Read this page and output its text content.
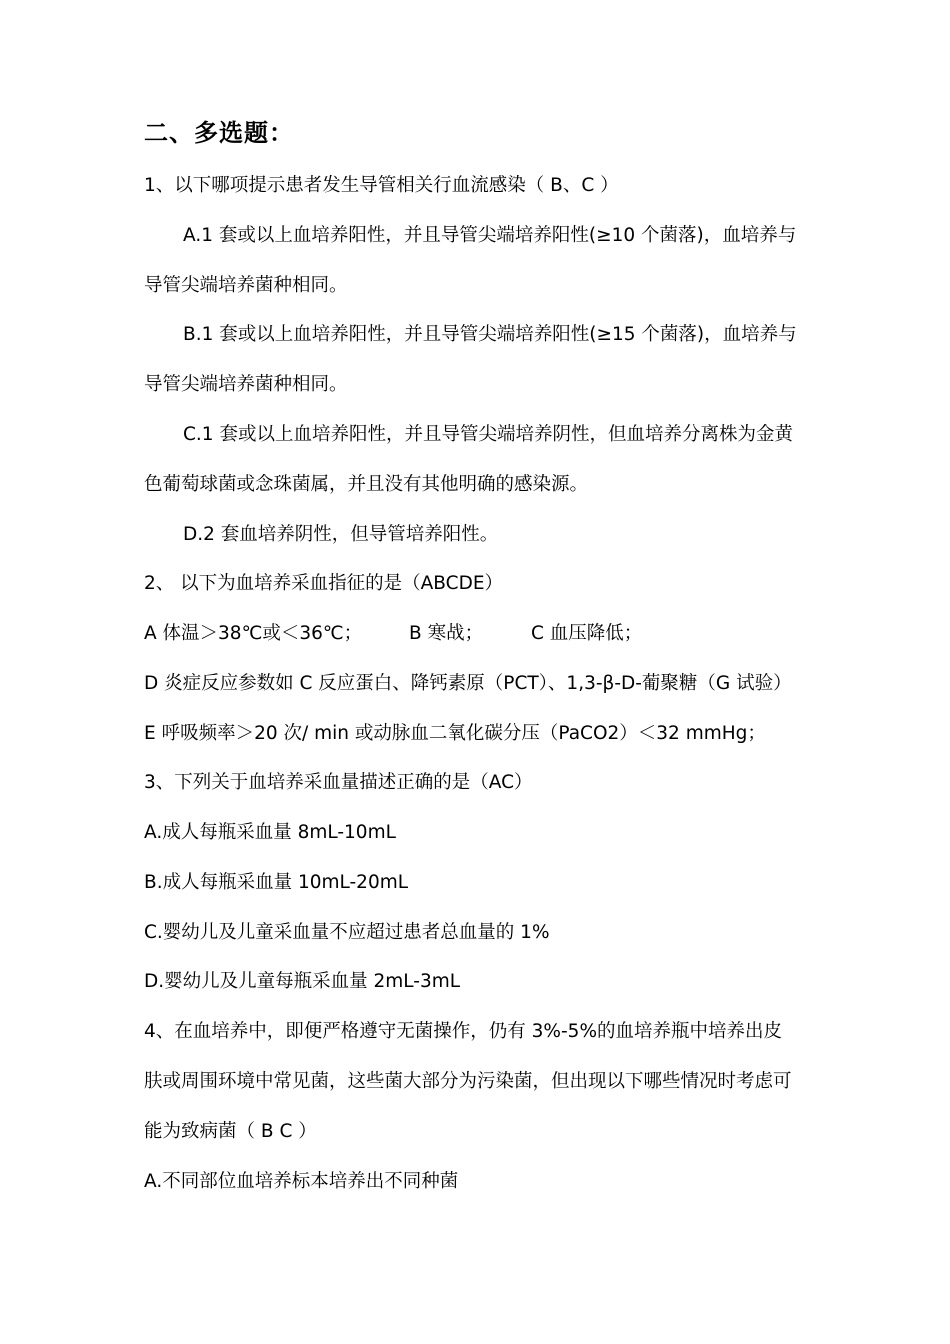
二、多选题：
1、以下哪项提示患者发生导管相关行血流感染（ B、C ）
A.1 套或以上血培养阳性，并且导管尖端培养阳性(≥10 个菌落)，血培养与
导管尖端培养菌种相同。
B.1 套或以上血培养阳性，并且导管尖端培养阳性(≥15 个菌落)，血培养与
导管尖端培养菌种相同。
C.1 套或以上血培养阳性，并且导管尖端培养阴性，但血培养分离株为金黄
色葡萄球菌或念珠菌属，并且没有其他明确的感染源。
D.2 套血培养阴性，但导管培养阳性。
2、 以下为血培养采血指征的是（ABCDE）
A 体温＞38℃或＜36℃；	B 寒战；	C 血压降低；
D 炎症反应参数如 C 反应蛋白、降钙素原（PCT）、1,3-β-D-葡聚糖（G 试验）
E 呼吸频率＞20 次/ min 或动脉血二氧化碳分压（PaCO2）＜32 mmHg；
3、下列关于血培养采血量描述正确的是（AC）
A.成人每瓶采血量 8mL-10mL
B.成人每瓶采血量 10mL-20mL
C.婴幼儿及儿童采血量不应超过患者总血量的 1%
D.婴幼儿及儿童每瓶采血量 2mL-3mL
4、在血培养中，即便严格遵守无菌操作，仍有 3%-5%的血培养瓶中培养出皮
肤或周围环境中常见菌，这些菌大部分为污染菌，但出现以下哪些情况时考虑可
能为致病菌（ B C ）
A.不同部位血培养标本培养出不同种菌
